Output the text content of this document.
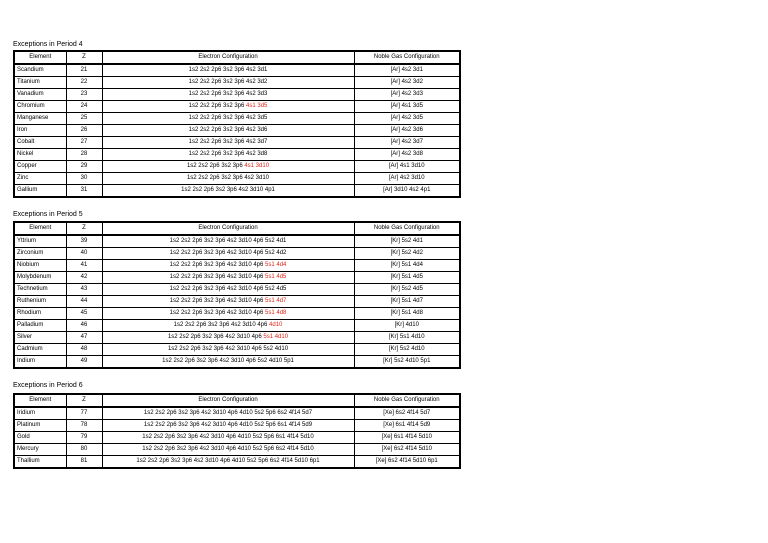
Exceptions in Period 4
Element	Z	Electron Configuration	Noble Gas Configuration
Scandium	21	1s2 2s2 2p6 3s2 3p6 4s2 3d1	[Ar] 4s2 3d1
Titanium	22	1s2 2s2 2p6 3s2 3p6 4s2 3d2	[Ar] 4s2 3d2
Vanadium	23	1s2 2s2 2p6 3s2 3p6 4s2 3d3	[Ar] 4s2 3d3
Chromium	24	1s2 2s2 2p6 3s2 3p6 4s1 3d5	[Ar] 4s1 3d5
Manganese	25	1s2 2s2 2p6 3s2 3p6 4s2 3d5	[Ar] 4s2 3d5
Iron	26	1s2 2s2 2p6 3s2 3p6 4s2 3d6	[Ar] 4s2 3d6
Cobalt	27	1s2 2s2 2p6 3s2 3p6 4s2 3d7	[Ar] 4s2 3d7
Nickel	28	1s2 2s2 2p6 3s2 3p6 4s2 3d8	[Ar] 4s2 3d8
Copper	29	1s2 2s2 2p6 3s2 3p6 4s1 3d10	[Ar] 4s1 3d10
Zinc	30	1s2 2s2 2p6 3s2 3p6 4s2 3d10	[Ar] 4s2 3d10
Gallium	31	1s2 2s2 2p6 3s2 3p6 4s2 3d10 4p1	[Ar] 3d10 4s2 4p1
Exceptions in Period 5
Element	Z	Electron Configuration	Noble Gas Configuration
Yttrium	39	1s2 2s2 2p6 3s2 3p6 4s2 3d10 4p6 5s2 4d1	[Kr] 5s2 4d1
Zirconium	40	1s2 2s2 2p6 3s2 3p6 4s2 3d10 4p6 5s2 4d2	[Kr] 5s2 4d2
Niobium	41	1s2 2s2 2p6 3s2 3p6 4s2 3d10 4p6 5s1 4d4	[Kr] 5s1 4d4
Molybdenum	42	1s2 2s2 2p6 3s2 3p6 4s2 3d10 4p6 5s1 4d5	[Kr] 5s1 4d5
Technetium	43	1s2 2s2 2p6 3s2 3p6 4s2 3d10 4p6 5s2 4d5	[Kr] 5s2 4d5
Ruthenium	44	1s2 2s2 2p6 3s2 3p6 4s2 3d10 4p6 5s1 4d7	[Kr] 5s1 4d7
Rhodium	45	1s2 2s2 2p6 3s2 3p6 4s2 3d10 4p6 5s1 4d8	[Kr] 5s1 4d8
Palladium	46	1s2 2s2 2p6 3s2 3p6 4s2 3d10 4p6 4d10	[Kr] 4d10
Silver	47	1s2 2s2 2p6 3s2 3p6 4s2 3d10 4p6 5s1 4d10	[Kr] 5s1 4d10
Cadmium	48	1s2 2s2 2p6 3s2 3p6 4s2 3d10 4p6 5s2 4d10	[Kr] 5s2 4d10
Indium	49	1s2 2s2 2p6 3s2 3p6 4s2 3d10 4p6 5s2 4d10 5p1	[Kr] 5s2 4d10 5p1
Exceptions in Period 6
Element	Z	Electron Configuration	Noble Gas Configuration
Iridium	77	1s2 2s2 2p6 3s2 3p6 4s2 3d10 4p6 4d10 5s2 5p6 6s2 4f14 5d7	[Xe] 6s2 4f14 5d7
Platinum	78	1s2 2s2 2p6 3s2 3p6 4s2 3d10 4p6 4d10 5s2 5p6 6s1 4f14 5d9	[Xe] 6s1 4f14 5d9
Gold	79	1s2 2s2 2p6 3s2 3p6 4s2 3d10 4p6 4d10 5s2 5p6 6s1 4f14 5d10	[Xe] 6s1 4f14 5d10
Mercury	80	1s2 2s2 2p6 3s2 3p6 4s2 3d10 4p6 4d10 5s2 5p6 6s2 4f14 5d10	[Xe] 6s2 4f14 5d10
Thallium	81	1s2 2s2 2p6 3s2 3p6 4s2 3d10 4p6 4d10 5s2 5p6 6s2 4f14 5d10 6p1	[Xe] 6s2 4f14 5d10 6p1
